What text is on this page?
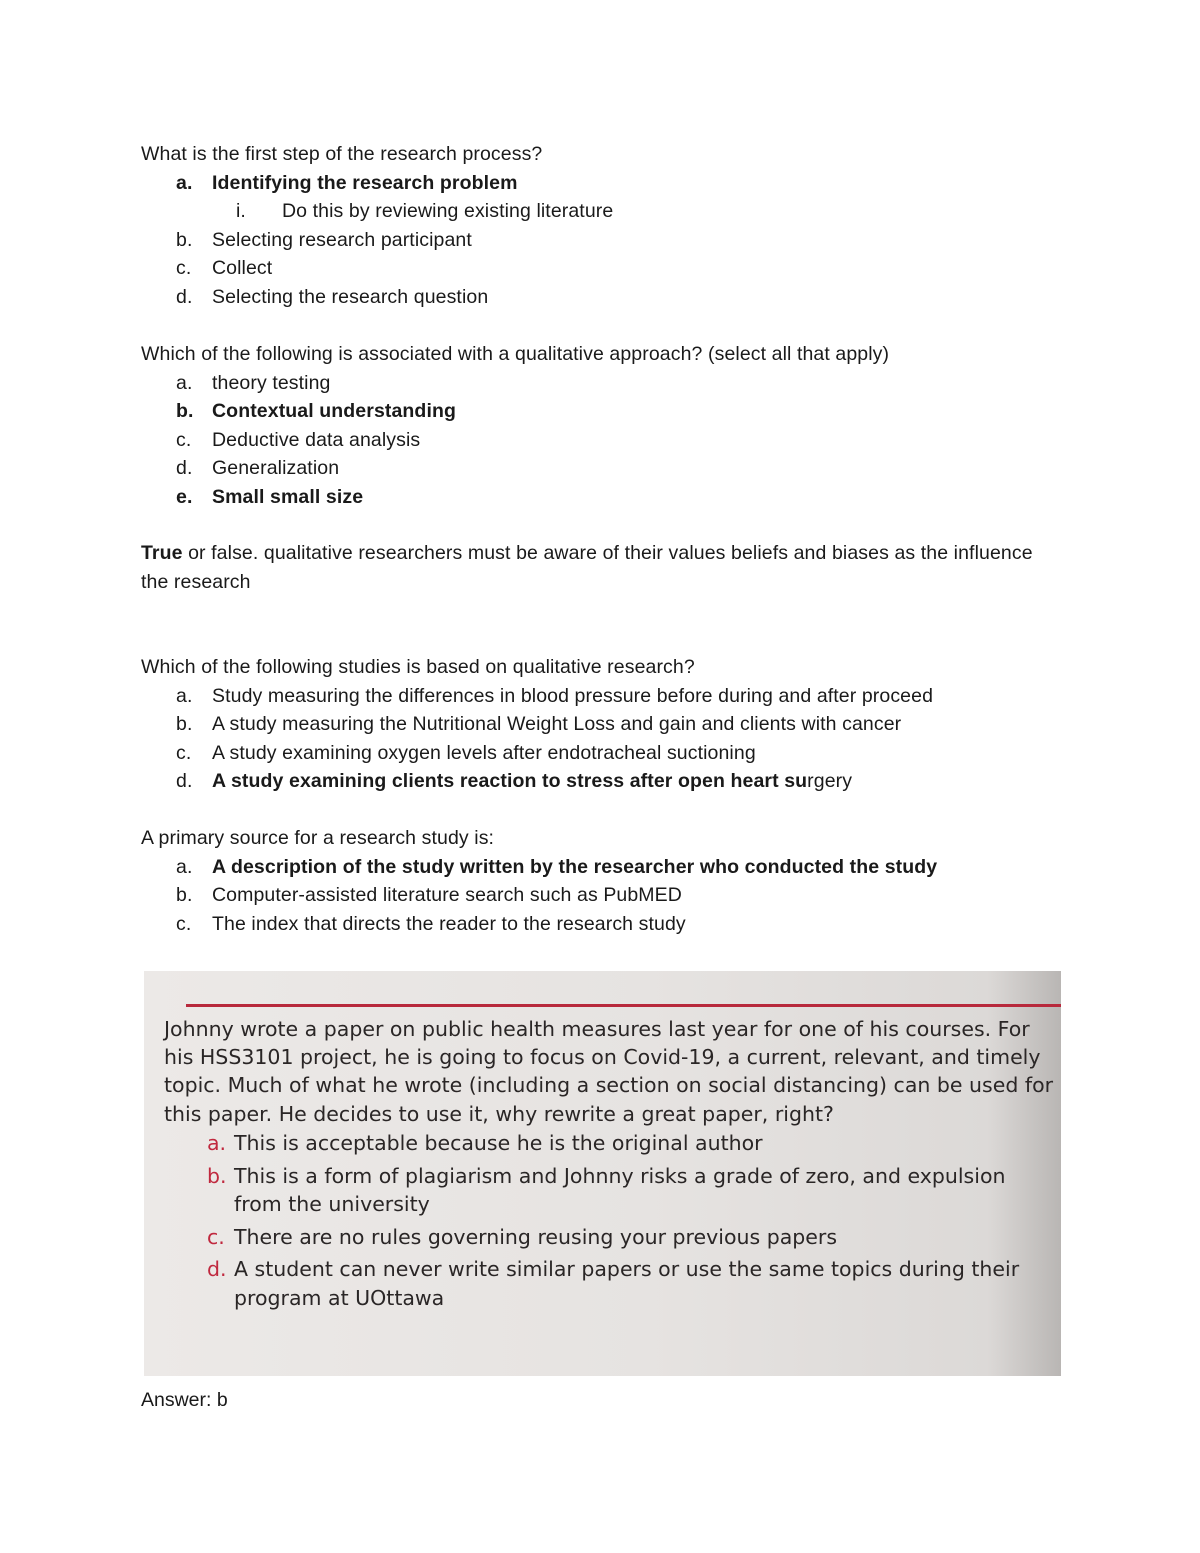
What is the first step of the research process?
a.	Identifying the research problem
i.	Do this by reviewing existing literature
b.	Selecting research participant
c.	Collect
d.	Selecting the research question
Which of the following is associated with a qualitative approach? (select all that apply)
a.	theory testing
b. Contextual understanding
c.	Deductive data analysis
d.	Generalization
e.	Small small size
True or false. qualitative researchers must be aware of their values beliefs and biases as the influence the research
Which of the following studies is based on qualitative research?
a.	Study measuring the differences in blood pressure before during and after proceed
b.	A study measuring the Nutritional Weight Loss and gain and clients with cancer
c.	A study examining oxygen levels after endotracheal suctioning
d.	A study examining clients reaction to stress after open heart surgery
A primary source for a research study is:
a.	A description of the study written by the researcher who conducted the study
b.	Computer-assisted literature search such as PubMED
c.	The index that directs the reader to the research study
Johnny wrote a paper on public health measures last year for one of his courses. For his HSS3101 project, he is going to focus on Covid-19, a current, relevant, and timely topic. Much of what he wrote (including a section on social distancing) can be used for this paper. He decides to use it, why rewrite a great paper, right?
a. This is acceptable because he is the original author
b. This is a form of plagiarism and Johnny risks a grade of zero, and expulsion from the university
c. There are no rules governing reusing your previous papers
d. A student can never write similar papers or use the same topics during their program at UOttawa
Answer: b
